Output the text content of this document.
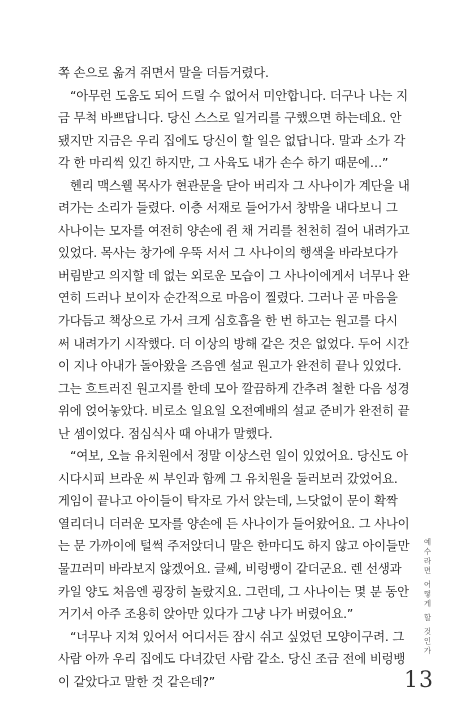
쪽 손으로 옮겨 쥐면서 말을 더듬거렸다.
“아무런 도움도 되어 드릴 수 없어서 미안합니다. 더구나 나는 지
금 무척 바쁘답니다. 당신 스스로 일거리를 구했으면 하는데요. 안
됐지만 지금은 우리 집에도 당신이 할 일은 없답니다. 말과 소가 각
각 한 마리씩 있긴 하지만, 그 사육도 내가 손수 하기 때문에…”
헨리 맥스웰 목사가 현관문을 닫아 버리자 그 사나이가 계단을 내
려가는 소리가 들렸다. 이층 서재로 들어가서 창밖을 내다보니 그
사나이는 모자를 여전히 양손에 쥔 채 거리를 천천히 걸어 내려가고
있었다. 목사는 창가에 우뚝 서서 그 사나이의 행색을 바라보다가
버림받고 의지할 데 없는 외로운 모습이 그 사나이에게서 너무나 완
연히 드러나 보이자 순간적으로 마음이 찔렸다. 그러나 곧 마음을
가다듬고 책상으로 가서 크게 심호흡을 한 번 하고는 원고를 다시
써 내려가기 시작했다. 더 이상의 방해 같은 것은 없었다. 두어 시간
이 지나 아내가 돌아왔을 즈음엔 설교 원고가 완전히 끝나 있었다.
그는 흐트러진 원고지를 한데 모아 깔끔하게 간추려 철한 다음 성경
위에 얹어놓았다. 비로소 일요일 오전예배의 설교 준비가 완전히 끝
난 셈이었다. 점심식사 때 아내가 말했다.
“여보, 오늘 유치원에서 정말 이상스런 일이 있었어요. 당신도 아
시다시피 브라운 씨 부인과 함께 그 유치원을 둘러보러 갔었어요.
게임이 끝나고 아이들이 탁자로 가서 앉는데, 느닷없이 문이 확짝
열리더니 더러운 모자를 양손에 든 사나이가 들어왔어요. 그 사나이
는 문 가까이에 털썩 주저앉더니 말은 한마디도 하지 않고 아이들만
물끄러미 바라보지 않겠어요. 글쎄, 비렁뱅이 같더군요. 렌 선생과
카일 양도 처음엔 굉장히 놀랐지요. 그런데, 그 사나이는 몇 분 동안
거기서 아주 조용히 앉아만 있다가 그냥 나가 버렸어요.”
“너무나 지쳐 있어서 어디서든 잠시 쉬고 싶었던 모양이구려. 그
사람 아까 우리 집에도 다녀갔던 사람 같소. 당신 조금 전에 비렁뱅
이 같았다고 말한 것 같은데?”
예수라면 어떻게 할 것인가
13
